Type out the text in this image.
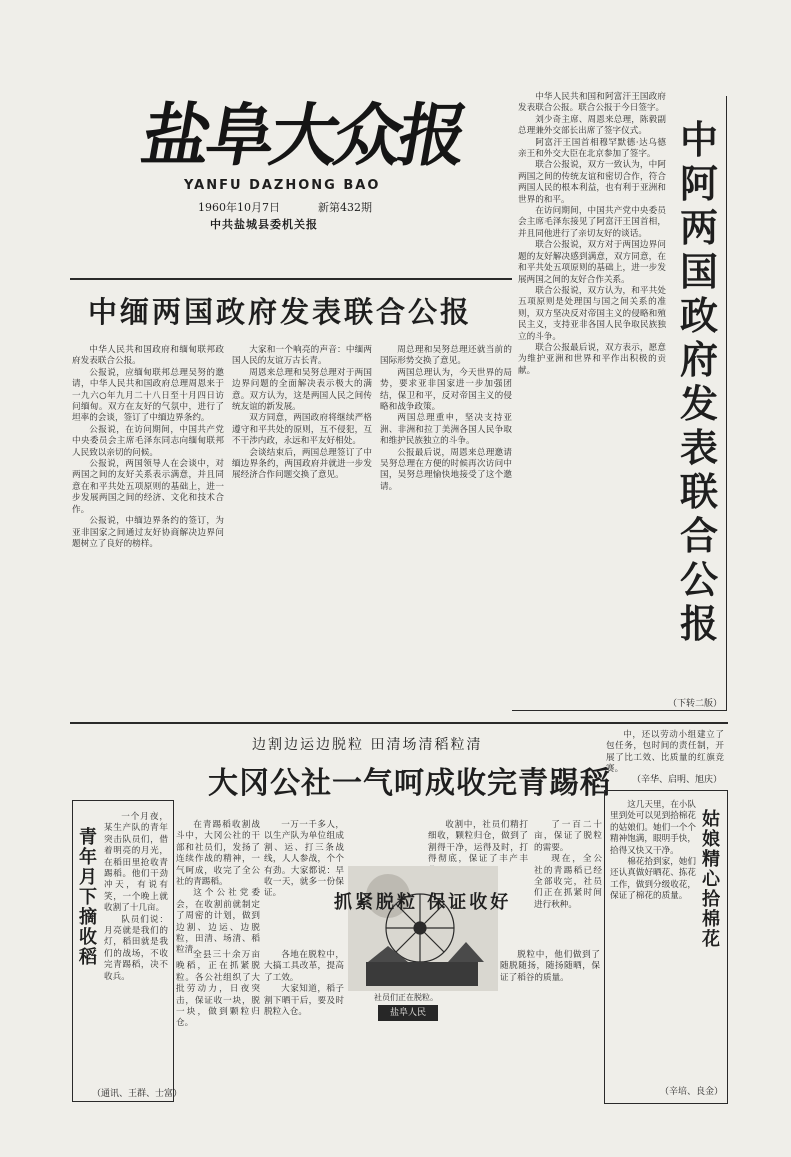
盐阜大众报
YANFU DAZHONG BAO
1960年10月7日	新第432期
中共盐城县委机关报
中缅两国政府发表联合公报

中华人民共和国政府和缅甸联邦政府发表联合公报。

公报说，应缅甸联邦总理吴努的邀请，中华人民共和国政府总理周恩来于一九六○年九月二十八日至十月四日访问缅甸。双方在友好的气氛中，进行了坦率的会谈，签订了中缅边界条约。

公报说，在访问期间，中国共产党中央委员会主席毛泽东同志向缅甸联邦人民致以亲切的问候。

公报说，两国领导人在会谈中，对两国之间的友好关系表示满意，并且同意在和平共处五项原则的基础上，进一步发展两国之间的经济、文化和技术合作。

公报说，中缅边界条约的签订，为亚非国家之间通过友好协商解决边界问题树立了良好的榜样。

大家和一个响亮的声音：中缅两国人民的友谊万古长青。

周恩来总理和吴努总理对于两国边界问题的全面解决表示极大的满意。双方认为，这是两国人民之间传统友谊的新发展。

双方同意，两国政府将继续严格遵守和平共处的原则，互不侵犯，互不干涉内政，永远和平友好相处。

会谈结束后，两国总理签订了中缅边界条约，两国政府并就进一步发展经济合作问题交换了意见。

周总理和吴努总理还就当前的国际形势交换了意见。

两国总理认为，今天世界的局势，要求亚非国家进一步加强团结，保卫和平，反对帝国主义的侵略和战争政策。

两国总理重申，坚决支持亚洲、非洲和拉丁美洲各国人民争取和维护民族独立的斗争。

公报最后说，周恩来总理邀请吴努总理在方便的时候再次访问中国，吴努总理愉快地接受了这个邀请。

中华人民共和国和阿富汗王国政府发表联合公报。联合公报于今日签字。

刘少奇主席、周恩来总理，陈毅副总理兼外交部长出席了签字仪式。

阿富汗王国首相穆罕默德·达乌德亲王和外交大臣在北京参加了签字。

联合公报说，双方一致认为，中阿两国之间的传统友谊和密切合作，符合两国人民的根本利益，也有利于亚洲和世界的和平。

在访问期间，中国共产党中央委员会主席毛泽东接见了阿富汗王国首相，并且同他进行了亲切友好的谈话。

联合公报说，双方对于两国边界问题的友好解决感到满意，双方同意，在和平共处五项原则的基础上，进一步发展两国之间的友好合作关系。

联合公报说，双方认为，和平共处五项原则是处理国与国之间关系的准则，双方坚决反对帝国主义的侵略和殖民主义，支持亚非各国人民争取民族独立的斗争。

联合公报最后说，双方表示，愿意为维护亚洲和世界和平作出积极的贡献。

中阿两国政府发表联合公报
（下转二版）
边割边运边脱粒 田清场清稻粒清
大冈公社一气呵成收完青踢稻

在青踢稻收割战斗中，大冈公社的干部和社员们，发扬了连续作战的精神，一气呵成，收完了全公社的青踢稻。

这个公社党委会，在收割前就制定了周密的计划，做到边割、边运、边脱粒，田清、场清、稻粒清。

一万一千多人，以生产队为单位组成割、运、打三条战线，人人参战，个个有劲。大家都说：早收一天，就多一份保证。

收割中，社员们精打细收，颗粒归仓，做到了割得干净，运得及时，打得彻底，保证了丰产丰

了一百二十亩，保证了脱粒的需要。

现在，全公社的青踢稻已经全部收完，社员们正在抓紧时间进行秋种。

青年月下摘收稻

一个月夜，某生产队的青年突击队员们，借着明亮的月光，在稻田里抢收青踢稻。他们干劲冲天，有说有笑，一个晚上就收割了十几亩。

队员们说：月亮就是我们的灯，稻田就是我们的战场，不收完青踢稻，决不收兵。

（通讯、王群、士富）

中，还以劳动小组建立了包任务，包时间的责任制，开展了比工效、比质量的红旗竞赛。

（辛华、启明、旭庆）

这几天里，在小队里到处可以见到拾棉花的姑娘们。她们一个个精神饱满，眼明手快，拾得又快又干净。

棉花拾到家，她们还认真做好晒花、拣花工作，做到分级收花，保证了棉花的质量。

姑娘精心拾棉花
（辛培、良金）
社员们正在脱粒。
抓紧脱粒 保证收好
盐阜人民

全县三十余万亩晚稻，正在抓紧脱粒。各公社组织了大批劳动力，日夜突击，保证收一块，脱一块，做到颗粒归仓。

各地在脱粒中，大搞工具改革，提高了工效。

大家知道，稻子割下晒干后，要及时脱粒入仓。

脱粒中，他们做到了随脱随扬，随扬随晒，保证了稻谷的质量。
